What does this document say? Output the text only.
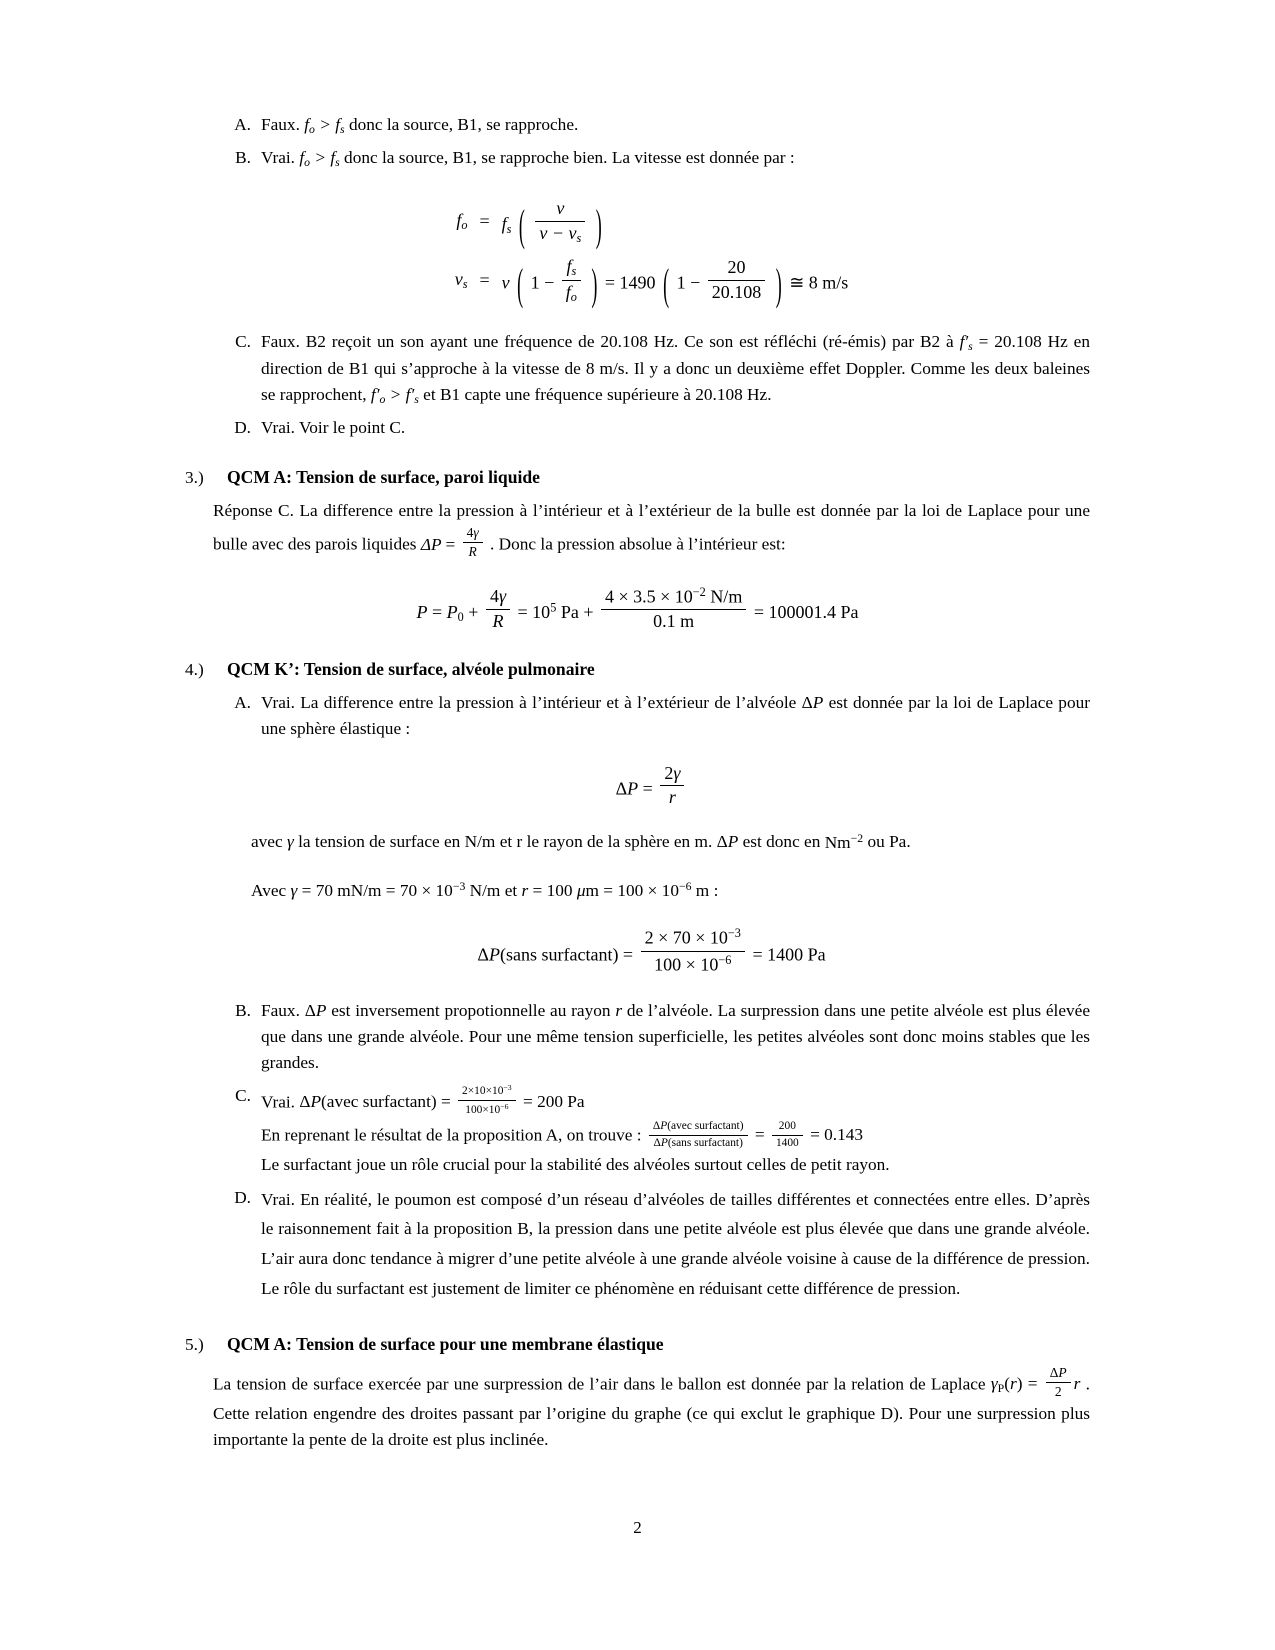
A. Faux. $f_o > f_s$ donc la source, B1, se rapproche.
B. Vrai. $f_o > f_s$ donc la source, B1, se rapproche bien. La vitesse est donnée par :
$f_o = f_s$ ( $\frac{v}{v - v_s}$ )
$v_s = v$ ( $1 - \frac{f_s}{f_o}$ ) = 1490 ( $1 - \frac{20}{20.108}$ ) ≅ 8 m/s
C. Faux. B2 reçoit un son ayant une fréquence de 20.108 Hz. Ce son est réfléchi (ré-émis) par B2 à $f'_s = 20.108$ Hz en direction de B1 qui s’approche à la vitesse de 8 m/s. Il y a donc un deuxième effet Doppler. Comme les deux baleines se rapprochent, $f'_o > f'_s$ et B1 capte une fréquence supérieure à 20.108 Hz.
D. Vrai. Voir le point C.
3.)	QCM A: Tension de surface, paroi liquide
Réponse C. La difference entre la pression à l’intérieur et à l’extérieur de la bulle est donnée par la loi de Laplace pour une bulle avec des parois liquides $\Delta P = \frac{4\gamma}{R}$ . Donc la pression absolue à l’intérieur est:
$P = P_0 + \frac{4\gamma}{R} = 10^5$ $Pa + \frac{4 \times 3.5 \times 10^{-2} N/m}{0.1 m} = 100001.4$ Pa
4.)	QCM K’: Tension de surface, alvéole pulmonaire
A. Vrai. La difference entre la pression à l’intérieur et à l’extérieur de l’alvéole ΔP est donnée par la loi de Laplace pour une sphère élastique :
$\Delta P = \frac{2\gamma}{r}$
avec γ la tension de surface en N/m et r le rayon de la sphère en m. ΔP est donc en $Nm^{-2}$ ou Pa.
Avec γ = 70 $mN/m = 70 \times 10^{-3}$ N/m et r = 100 $\mu m = 100 \times 10^{-6}$ m :
ΔP(sans surfactant) = $\frac{2 \times 70 \times 10^{-3}}{100 \times 10^{-6}} = 1400$ Pa
B. Faux. ΔP est inversement propotionnelle au rayon r de l’alvéole. La surpression dans une petite alvéole est plus élevée que dans une grande alvéole. Pour une même tension superficielle, les petites alvéoles sont donc moins stables que les grandes.
C. Vrai. ΔP(avec surfactant) = $\frac{2\times 10\times 10^{-3}}{100\times 10^{-6}} = 200$ Pa
En reprenant le résultat de la proposition A, on trouve : $\frac{\text{ΔP(avec surfactant)}}{\text{ΔP(sans surfactant)}} = \frac{200}{1400} = 0.143$
Le surfactant joue un rôle crucial pour la stabilité des alvéoles surtout celles de petit rayon.
D. Vrai. En réalité, le poumon est composé d’un réseau d’alvéoles de tailles différentes et connectées entre elles. D’après le raisonnement fait à la proposition B, la pression dans une petite alvéole est plus élevée que dans une grande alvéole. L’air aura donc tendance à migrer d’une petite alvéole à une grande alvéole voisine à cause de la différence de pression. Le rôle du surfactant est justement de limiter ce phénomène en réduisant cette différence de pression.
5.)	QCM A: Tension de surface pour une membrane élastique
La tension de surface exercée par une surpression de l’air dans le ballon est donnée par la relation de Laplace $\gamma_P(r) = \frac{\Delta P}{2}$ r . Cette relation engendre des droites passant par l’origine du graphe (ce qui exclut le graphique D). Pour une surpression plus importante la pente de la droite est plus inclinée.
2
